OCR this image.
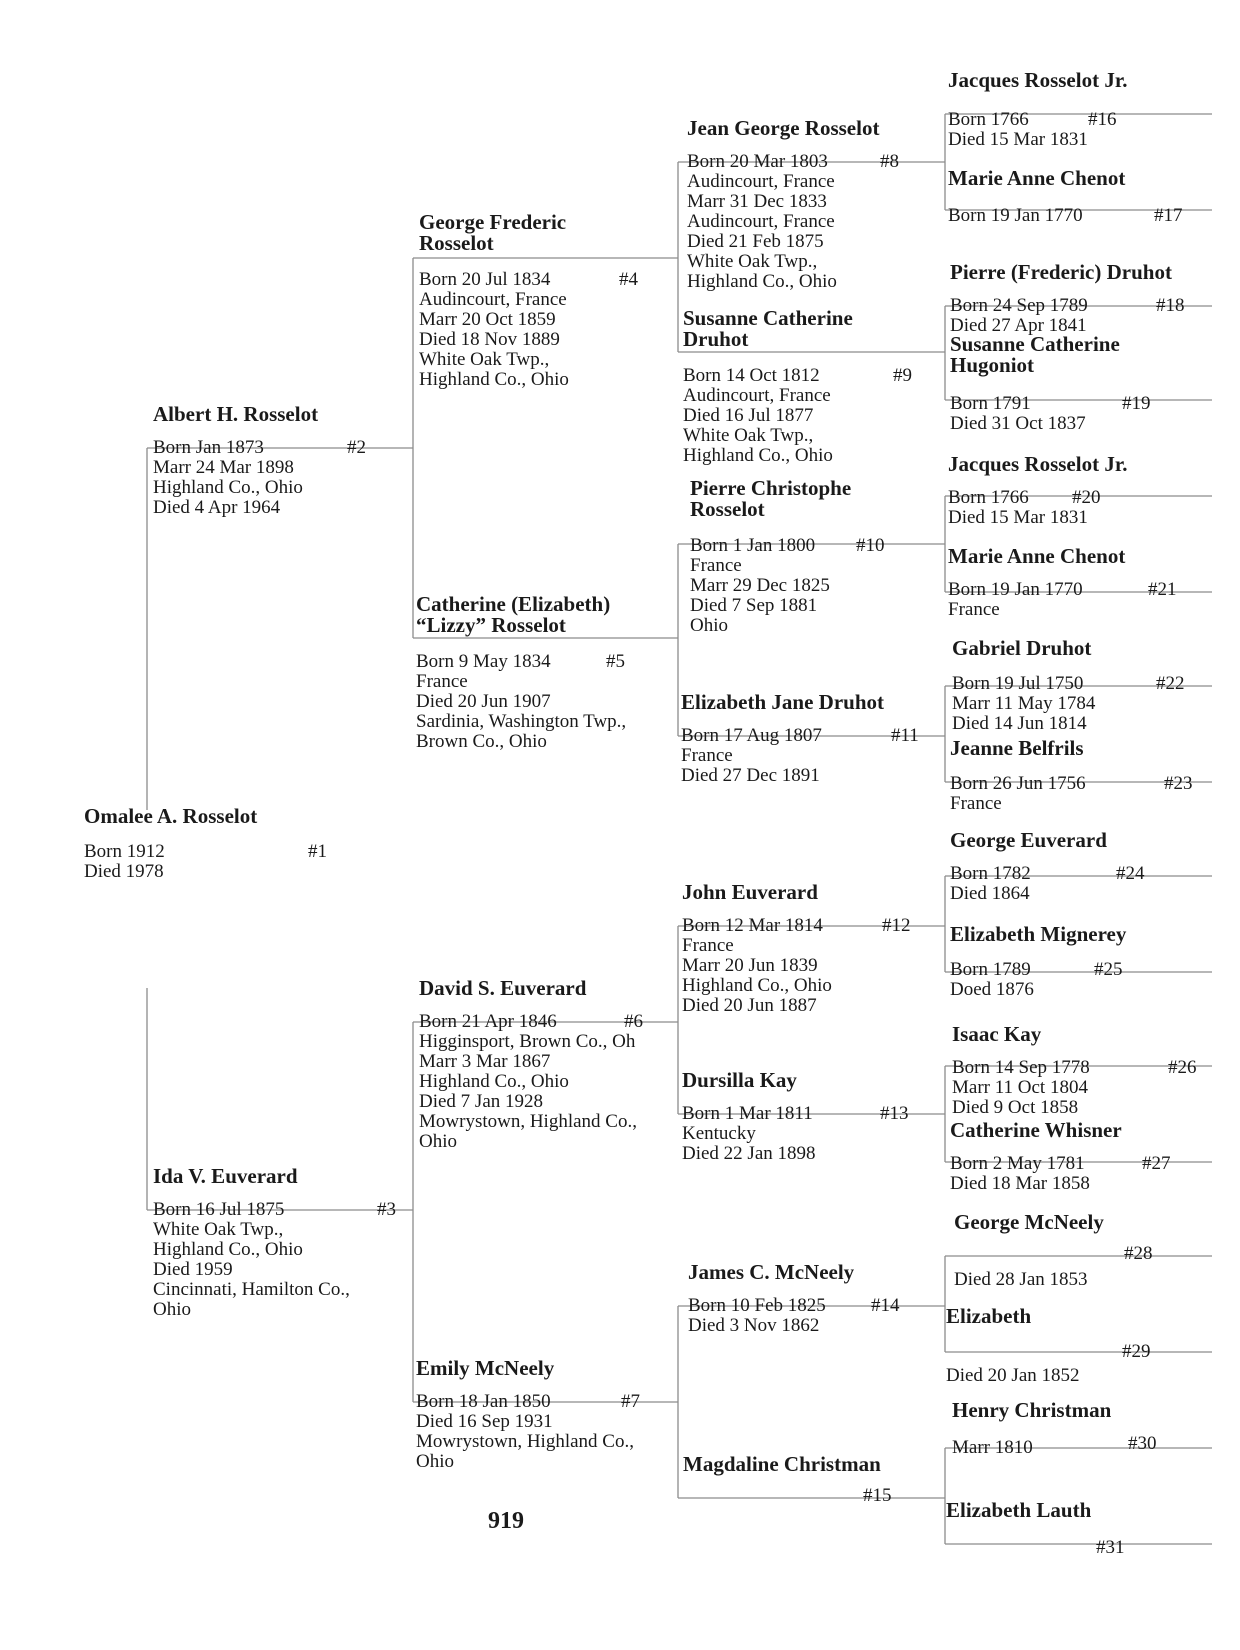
Omalee A. Rosselot
Born 1912
Died 1978
#1
Albert H. Rosselot
Born Jan 1873
Marr 24 Mar 1898
Highland Co., Ohio
Died 4 Apr 1964
#2
Ida V. Euverard
Born 16 Jul 1875
White Oak Twp.,
Highland Co., Ohio
Died 1959
Cincinnati, Hamilton Co.,
Ohio
#3
George Frederic
Rosselot
Born 20 Jul 1834
Audincourt, France
Marr 20 Oct 1859
Died 18 Nov 1889
White Oak Twp.,
Highland Co., Ohio
#4
Catherine (Elizabeth)
“Lizzy” Rosselot
Born 9 May 1834
France
Died 20 Jun 1907
Sardinia, Washington Twp.,
Brown Co., Ohio
#5
David S. Euverard
Born 21 Apr 1846
Higginsport, Brown Co., Oh
Marr 3 Mar 1867
Highland Co., Ohio
Died 7 Jan 1928
Mowrystown, Highland Co.,
Ohio
#6
Emily McNeely
Born 18 Jan 1850
Died 16 Sep 1931
Mowrystown, Highland Co.,
Ohio
#7
Jean George Rosselot
Born 20 Mar 1803
Audincourt, France
Marr 31 Dec 1833
Audincourt, France
Died 21 Feb 1875
White Oak Twp.,
Highland Co., Ohio
#8
Susanne Catherine
Druhot
Born 14 Oct 1812
Audincourt, France
Died 16 Jul 1877
White Oak Twp.,
Highland Co., Ohio
#9
Pierre Christophe
Rosselot
Born 1 Jan 1800
France
Marr 29 Dec 1825
Died 7 Sep 1881
Ohio
#10
Elizabeth Jane Druhot
Born 17 Aug 1807
France
Died 27 Dec 1891
#11
John Euverard
Born 12 Mar 1814
France
Marr 20 Jun 1839
Highland Co., Ohio
Died 20 Jun 1887
#12
Dursilla Kay
Born 1 Mar 1811
Kentucky
Died 22 Jan 1898
#13
James C. McNeely
Born 10 Feb 1825
Died 3 Nov 1862
#14
Magdaline Christman
#15
Jacques Rosselot Jr.
Born 1766
Died 15 Mar 1831
#16
Marie Anne Chenot
Born 19 Jan 1770	#17
Pierre (Frederic) Druhot
Born 24 Sep 1789
Died 27 Apr 1841
#18
Susanne Catherine
Hugoniot
Born 1791
Died 31 Oct 1837
#19
Jacques Rosselot Jr.
Born 1766
Died 15 Mar 1831
#20
Marie Anne Chenot
Born 19 Jan 1770
France
#21
Gabriel Druhot
Born 19 Jul 1750
Marr 11 May 1784
Died 14 Jun 1814
#22
Jeanne Belfrils
Born 26 Jun 1756
France
#23
George Euverard
Born 1782
Died 1864
#24
Elizabeth Mignerey
Born 1789
Doed 1876
#25
Isaac Kay
Born 14 Sep 1778
Marr 11 Oct 1804
Died 9 Oct 1858
#26
Catherine Whisner
Born 2 May 1781
Died 18 Mar 1858
#27
George McNeely
Died 28 Jan 1853
#28
Elizabeth
Died 20 Jan 1852
#29
Henry Christman
Marr 1810	#30
Elizabeth Lauth
#31
919
